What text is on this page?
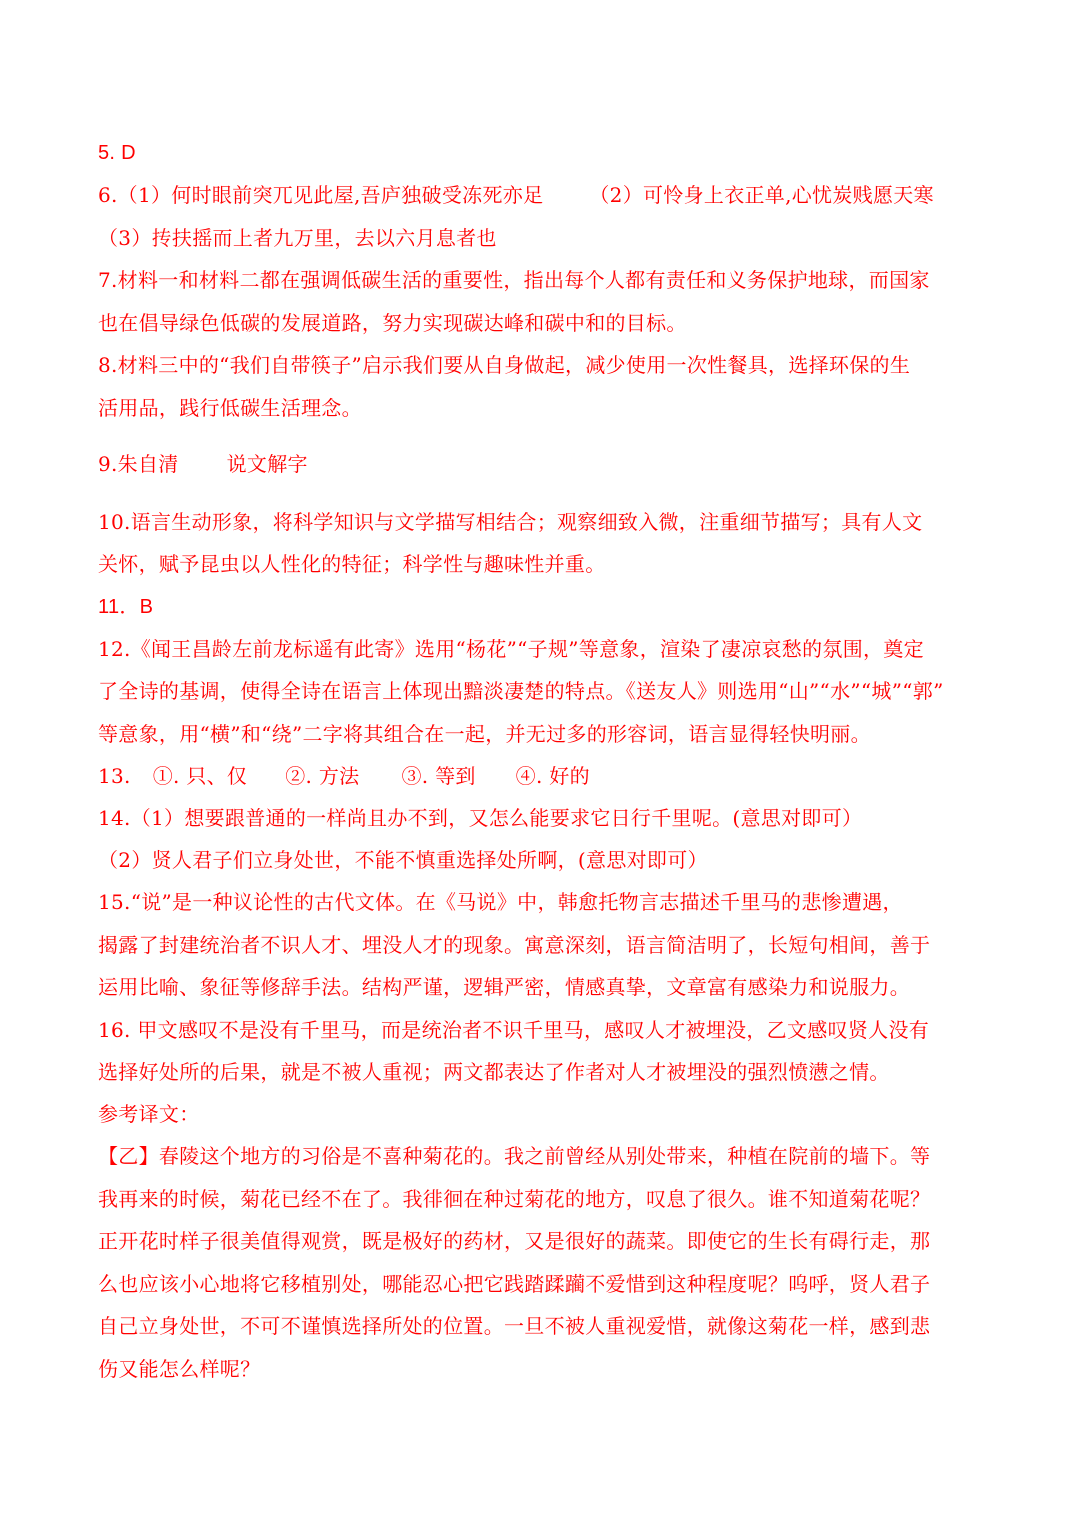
5. D
6.（1）何时眼前突兀见此屋,吾庐独破受冻死亦足 （2）可怜身上衣正单,心忧炭贱愿天寒
（3）抟扶摇而上者九万里，去以六月息者也
7.材料一和材料二都在强调低碳生活的重要性，指出每个人都有责任和义务保护地球，而国家
也在倡导绿色低碳的发展道路，努力实现碳达峰和碳中和的目标。
8.材料三中的“我们自带筷子”启示我们要从自身做起，减少使用一次性餐具，选择环保的生
活用品，践行低碳生活理念。
9.朱自清 说文解字
10.语言生动形象，将科学知识与文学描写相结合；观察细致入微，注重细节描写；具有人文
关怀，赋予昆虫以人性化的特征；科学性与趣味性并重。
11．B
12.《闻王昌龄左前龙标遥有此寄》选用“杨花”“子规”等意象，渲染了凄凉哀愁的氛围，奠定
了全诗的基调，使得全诗在语言上体现出黯淡凄楚的特点。《送友人》则选用“山”“水”“城”“郭”
等意象，用“横”和“绕”二字将其组合在一起，并无过多的形容词，语言显得轻快明丽。
13. ①. 只、仅 ②. 方法 ③. 等到 ④. 好的
14.（1）想要跟普通的一样尚且办不到，又怎么能要求它日行千里呢。(意思对即可）
（2）贤人君子们立身处世，不能不慎重选择处所啊，(意思对即可）
15.“说”是一种议论性的古代文体。在《马说》中，韩愈托物言志描述千里马的悲惨遭遇，
揭露了封建统治者不识人才、埋没人才的现象。寓意深刻，语言简洁明了，长短句相间，善于
运用比喻、象征等修辞手法。结构严谨，逻辑严密，情感真挚，文章富有感染力和说服力。
16. 甲文感叹不是没有千里马，而是统治者不识千里马，感叹人才被埋没，乙文感叹贤人没有
选择好处所的后果，就是不被人重视；两文都表达了作者对人才被埋没的强烈愤懑之情。
参考译文：
【乙】春陵这个地方的习俗是不喜种菊花的。我之前曾经从别处带来，种植在院前的墙下。等
我再来的时候，菊花已经不在了。我徘徊在种过菊花的地方，叹息了很久。谁不知道菊花呢？
正开花时样子很美值得观赏，既是极好的药材，又是很好的蔬菜。即使它的生长有碍行走，那
么也应该小心地将它移植别处，哪能忍心把它践踏蹂躏不爱惜到这种程度呢？呜呼，贤人君子
自己立身处世，不可不谨慎选择所处的位置。一旦不被人重视爱惜，就像这菊花一样，感到悲
伤又能怎么样呢？
